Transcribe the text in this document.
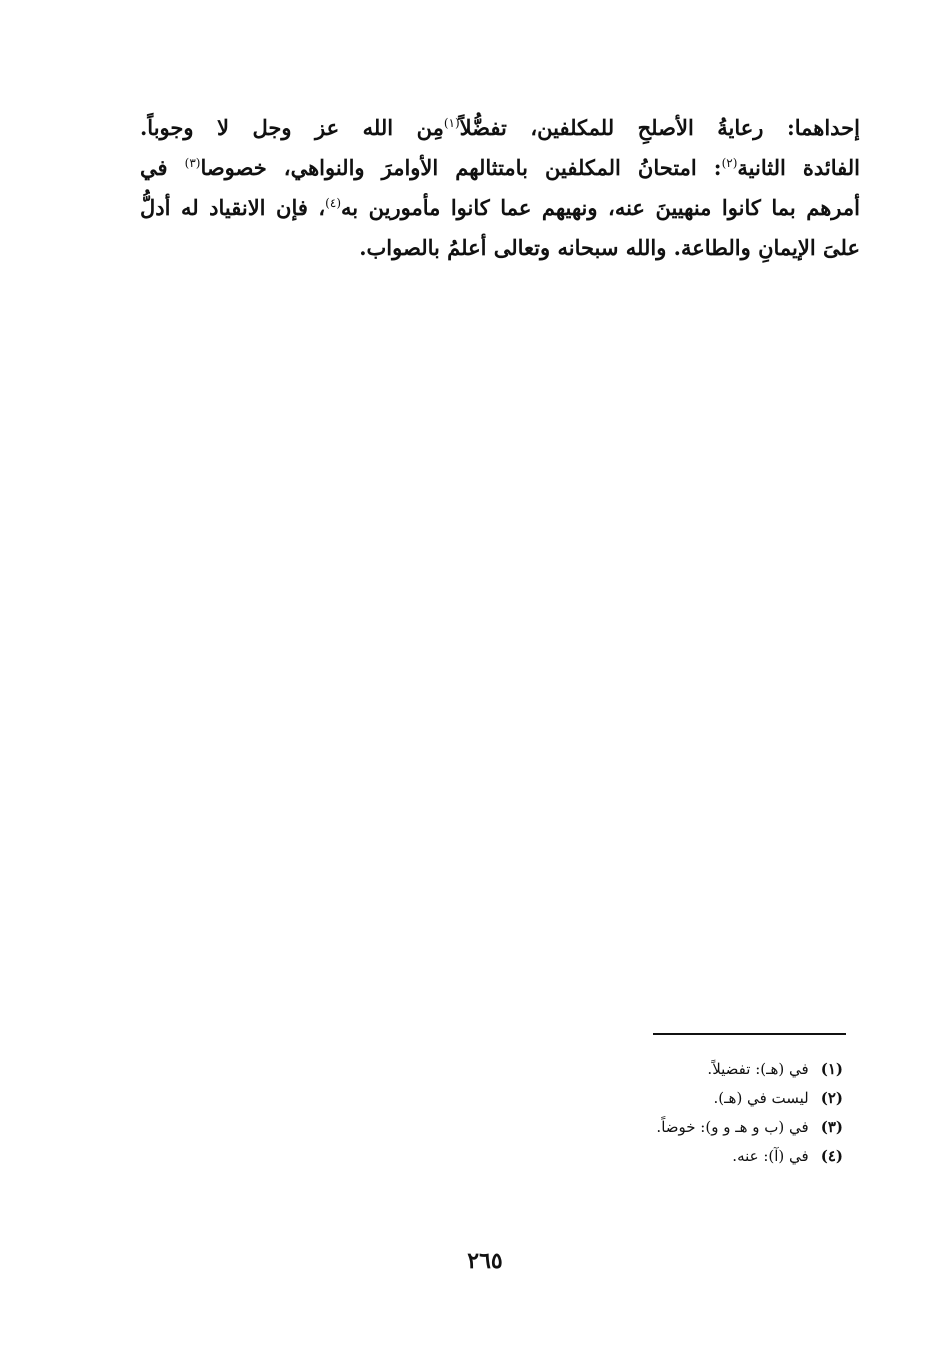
إحداهما: رعايةُ الأصلحِ للمكلفين، تفضُّلاً$^{(١)}$مِن الله عز وجل لا وجوباً.
الفائدة الثانية$^{(٢)}$: امتحانُ المكلفين بامتثالهم الأوامرَ والنواهي، خصوصا$^{(٣)}$ في
أمرهم بما كانوا منهيينَ عنه، ونهيهم عما كانوا مأمورين به$^{(٤)}$، فإن الانقياد له أدلُّ
علىَ الإيمانِ والطاعة. والله سبحانه وتعالى أعلمُ بالصواب.
(١)في (هـ): تفضيلاً.
(٢)ليست في (هـ).
(٣)في (ب و هـ و و): خوضاً.
(٤)في (آ): عنه.
٢٦٥
